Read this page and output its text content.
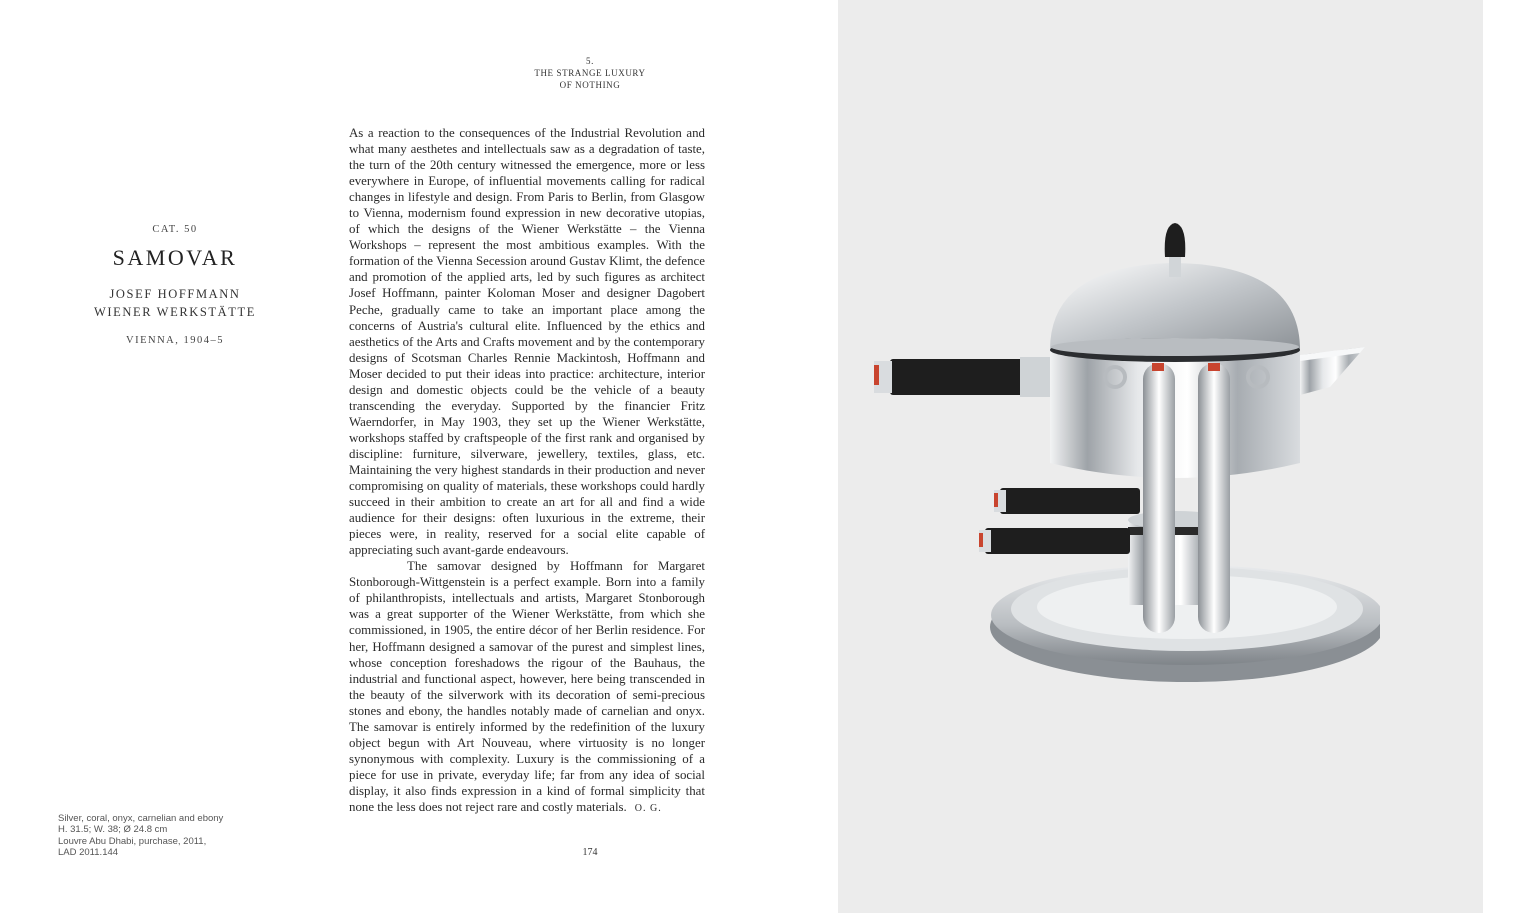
5.
THE STRANGE LUXURY
OF NOTHING
CAT. 50
SAMOVAR
JOSEF HOFFMANN
WIENER WERKSTÄTTE
VIENNA, 1904–5

As a reaction to the consequences of the Industrial Revolution and what many aesthetes and intellectuals saw as a degradation of taste, the turn of the 20th century witnessed the emergence, more or less everywhere in Europe, of influential movements calling for radical changes in lifestyle and design. From Paris to Berlin, from Glasgow to Vienna, modernism found expression in new decorative utopias, of which the designs of the Wiener Werkstätte – the Vienna Workshops – represent the most ambitious examples. With the formation of the Vienna Secession around Gustav Klimt, the defence and promotion of the applied arts, led by such figures as architect Josef Hoffmann, painter Koloman Moser and designer Dagobert Peche, gradually came to take an important place among the concerns of Austria's cultural elite. Influenced by the ethics and aesthetics of the Arts and Crafts movement and by the contemporary designs of Scotsman Charles Rennie Mackintosh, Hoffmann and Moser decided to put their ideas into practice: architecture, interior design and domestic objects could be the vehicle of a beauty transcending the everyday. Supported by the financier Fritz Waerndorfer, in May 1903, they set up the Wiener Werkstätte, workshops staffed by craftspeople of the first rank and organised by discipline: furniture, silverware, jewellery, textiles, glass, etc. Maintaining the very highest standards in their production and never compromising on quality of materials, these workshops could hardly succeed in their ambition to create an art for all and find a wide audience for their designs: often luxurious in the extreme, their pieces were, in reality, reserved for a social elite capable of appreciating such avant-garde endeavours.

The samovar designed by Hoffmann for Margaret Stonborough-Wittgenstein is a perfect example. Born into a family of philanthropists, intellectuals and artists, Margaret Stonborough was a great supporter of the Wiener Werkstätte, from which she commissioned, in 1905, the entire décor of her Berlin residence. For her, Hoffmann designed a samovar of the purest and simplest lines, whose conception foreshadows the rigour of the Bauhaus, the industrial and functional aspect, however, here being transcended in the beauty of the silverwork with its decoration of semi-precious stones and ebony, the handles notably made of carnelian and onyx. The samovar is entirely informed by the redefinition of the luxury object begun with Art Nouveau, where virtuosity is no longer synonymous with complexity. Luxury is the commissioning of a piece for use in private, everyday life; far from any idea of social display, it also finds expression in a kind of formal simplicity that none the less does not reject rare and costly materials. O. G.

Silver, coral, onyx, carnelian and ebony
H. 31.5; W. 38; Ø 24.8 cm
Louvre Abu Dhabi, purchase, 2011,
LAD 2011.144	174
